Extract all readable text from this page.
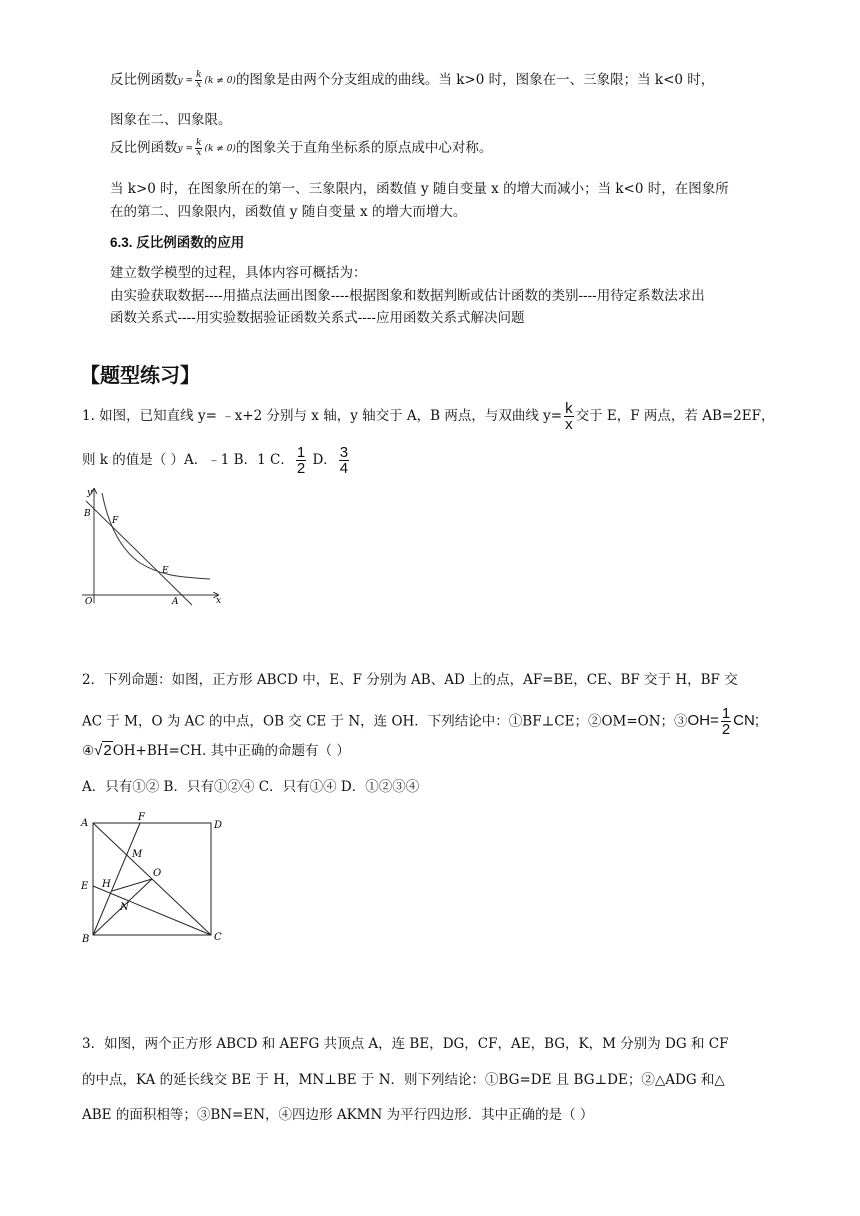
反比例函数$y = \frac{k}{x} (k \ne 0)$的图象是由两个分支组成的曲线。当 k>0 时，图象在一、三象限；当 k<0 时，
图象在二、四象限。
反比例函数$y = \frac{k}{x} (k \ne 0)$的图象关于直角坐标系的原点成中心对称。
当 k>0 时，在图象所在的第一、三象限内，函数值 y 随自变量 x 的增大而减小；当 k<0 时，在图象所
在的第二、四象限内，函数值 y 随自变量 x 的增大而增大。
6.3. 反比例函数的应用
建立数学模型的过程，具体内容可概括为：
由实验获取数据----用描点法画出图象----根据图象和数据判断或估计函数的类别----用待定系数法求出
函数关系式----用实验数据验证函数关系式----应用函数关系式解决问题
【题型练习】
1. 如图，已知直线 y= ﹣x+2 分别与 x 轴，y 轴交于 A，B 两点，与双曲线 $y= \frac{k}{x}$ 交于 E，F 两点，若 AB=2EF，
则 k 的值是（ ）A．﹣1 B．1 C． $\frac{1}{2}$ D． $\frac{3}{4}$
y
x
B
F
E
O	A
2．下列命题：如图，正方形 ABCD 中，E、F 分别为 AB、AD 上的点，AF=BE，CE、BF 交于 H，BF 交
AC 于 M，O 为 AC 的中点，OB 交 CE 于 N，连 OH．下列结论中：①BF⊥CE；②OM=ON；③OH= $\frac{1}{2}$ CN;
④√2OH+BH=CH. 其中正确的命题有（ ）
A．只有①② B．只有①②④ C．只有①④ D．①②③④
A
F
D
M
O
E H
N
B	C
3．如图，两个正方形 ABCD 和 AEFG 共顶点 A，连 BE，DG，CF，AE，BG，K，M 分别为 DG 和 CF
的中点，KA 的延长线交 BE 于 H，MN⊥BE 于 N．则下列结论：①BG=DE 且 BG⊥DE；②△ADG 和△
ABE 的面积相等；③BN=EN，④四边形 AKMN 为平行四边形．其中正确的是（ ）
